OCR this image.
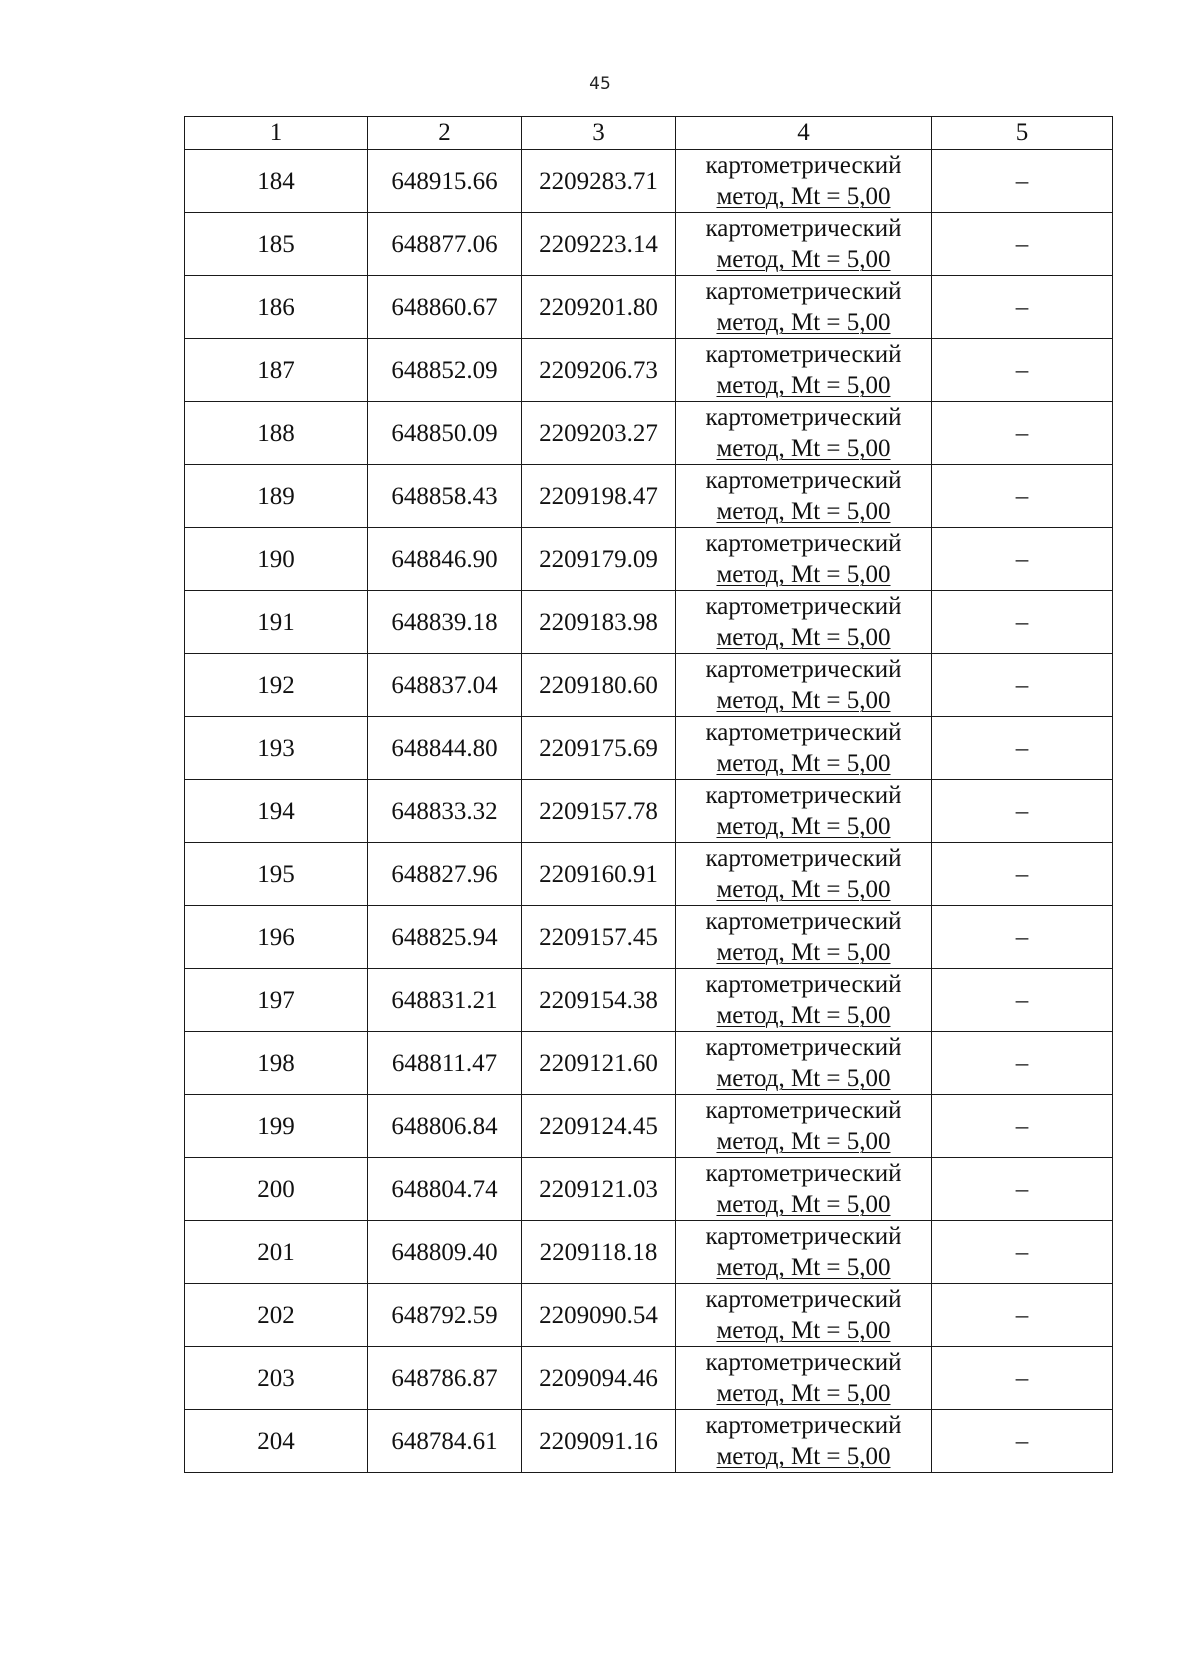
45
1	2	3	4	5
184	648915.66	2209283.71	картометрический
метод, Mt = 5,00	–
185	648877.06	2209223.14	картометрический
метод, Mt = 5,00	–
186	648860.67	2209201.80	картометрический
метод, Mt = 5,00	–
187	648852.09	2209206.73	картометрический
метод, Mt = 5,00	–
188	648850.09	2209203.27	картометрический
метод, Mt = 5,00	–
189	648858.43	2209198.47	картометрический
метод, Mt = 5,00	–
190	648846.90	2209179.09	картометрический
метод, Mt = 5,00	–
191	648839.18	2209183.98	картометрический
метод, Mt = 5,00	–
192	648837.04	2209180.60	картометрический
метод, Mt = 5,00	–
193	648844.80	2209175.69	картометрический
метод, Mt = 5,00	–
194	648833.32	2209157.78	картометрический
метод, Mt = 5,00	–
195	648827.96	2209160.91	картометрический
метод, Mt = 5,00	–
196	648825.94	2209157.45	картометрический
метод, Mt = 5,00	–
197	648831.21	2209154.38	картометрический
метод, Mt = 5,00	–
198	648811.47	2209121.60	картометрический
метод, Mt = 5,00	–
199	648806.84	2209124.45	картометрический
метод, Mt = 5,00	–
200	648804.74	2209121.03	картометрический
метод, Mt = 5,00	–
201	648809.40	2209118.18	картометрический
метод, Mt = 5,00	–
202	648792.59	2209090.54	картометрический
метод, Mt = 5,00	–
203	648786.87	2209094.46	картометрический
метод, Mt = 5,00	–
204	648784.61	2209091.16	картометрический
метод, Mt = 5,00	–
